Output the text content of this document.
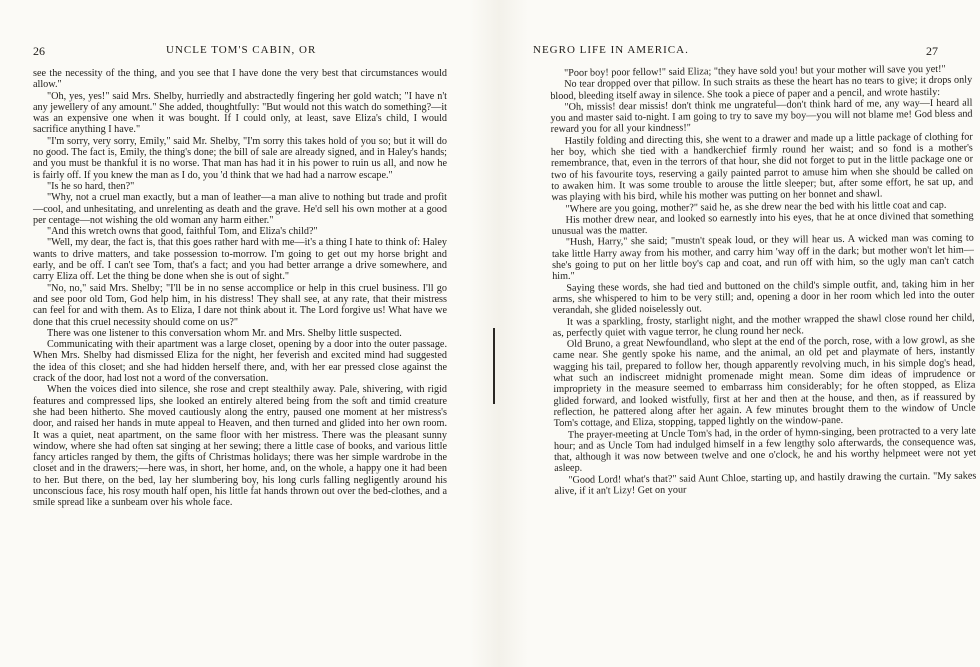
26	UNCLE TOM'S CABIN, OR

see the necessity of the thing, and you see that I have done the very best that circumstances would allow."

"Oh, yes, yes!" said Mrs. Shelby, hurriedly and abstractedly fingering her gold watch; "I have n't any jewellery of any amount." She added, thoughtfully: "But would not this watch do something?—it was an expensive one when it was bought. If I could only, at least, save Eliza's child, I would sacrifice anything I have."

"I'm sorry, very sorry, Emily," said Mr. Shelby, "I'm sorry this takes hold of you so; but it will do no good. The fact is, Emily, the thing's done; the bill of sale are already signed, and in Haley's hands; and you must be thankful it is no worse. That man has had it in his power to ruin us all, and now he is fairly off. If you knew the man as I do, you 'd think that we had had a narrow escape."

"Is he so hard, then?"

"Why, not a cruel man exactly, but a man of leather—a man alive to nothing but trade and profit—cool, and unhesitating, and unrelenting as death and the grave. He'd sell his own mother at a good per centage—not wishing the old woman any harm either."

"And this wretch owns that good, faithful Tom, and Eliza's child?"

"Well, my dear, the fact is, that this goes rather hard with me—it's a thing I hate to think of: Haley wants to drive matters, and take possession to-morrow. I'm going to get out my horse bright and early, and be off. I can't see Tom, that's a fact; and you had better arrange a drive somewhere, and carry Eliza off. Let the thing be done when she is out of sight."

"No, no," said Mrs. Shelby; "I'll be in no sense accomplice or help in this cruel business. I'll go and see poor old Tom, God help him, in his distress! They shall see, at any rate, that their mistress can feel for and with them. As to Eliza, I dare not think about it. The Lord forgive us! What have we done that this cruel necessity should come on us?"

There was one listener to this conversation whom Mr. and Mrs. Shelby little suspected.

Communicating with their apartment was a large closet, opening by a door into the outer passage. When Mrs. Shelby had dismissed Eliza for the night, her feverish and excited mind had suggested the idea of this closet; and she had hidden herself there, and, with her ear pressed close against the crack of the door, had lost not a word of the conversation.

When the voices died into silence, she rose and crept stealthily away. Pale, shivering, with rigid features and compressed lips, she looked an entirely altered being from the soft and timid creature she had been hitherto. She moved cautiously along the entry, paused one moment at her mistress's door, and raised her hands in mute appeal to Heaven, and then turned and glided into her own room. It was a quiet, neat apartment, on the same floor with her mistress. There was the pleasant sunny window, where she had often sat singing at her sewing; there a little case of books, and various little fancy articles ranged by them, the gifts of Christmas holidays; there was her simple wardrobe in the closet and in the drawers;—here was, in short, her home, and, on the whole, a happy one it had been to her. But there, on the bed, lay her slumbering boy, his long curls falling negligently around his unconscious face, his rosy mouth half open, his little fat hands thrown out over the bed-clothes, and a smile spread like a sunbeam over his whole face.

NEGRO LIFE IN AMERICA.	27

"Poor boy! poor fellow!" said Eliza; "they have sold you! but your mother will save you yet!"

No tear dropped over that pillow. In such straits as these the heart has no tears to give; it drops only blood, bleeding itself away in silence. She took a piece of paper and a pencil, and wrote hastily:

"Oh, missis! dear missis! don't think me ungrateful—don't think hard of me, any way—I heard all you and master said to-night. I am going to try to save my boy—you will not blame me! God bless and reward you for all your kindness!"

Hastily folding and directing this, she went to a drawer and made up a little package of clothing for her boy, which she tied with a handkerchief firmly round her waist; and so fond is a mother's remembrance, that, even in the terrors of that hour, she did not forget to put in the little package one or two of his favourite toys, reserving a gaily painted parrot to amuse him when she should be called on to awaken him. It was some trouble to arouse the little sleeper; but, after some effort, he sat up, and was playing with his bird, while his mother was putting on her bonnet and shawl.

"Where are you going, mother?" said he, as she drew near the bed with his little coat and cap.

His mother drew near, and looked so earnestly into his eyes, that he at once divined that something unusual was the matter.

"Hush, Harry," she said; "mustn't speak loud, or they will hear us. A wicked man was coming to take little Harry away from his mother, and carry him 'way off in the dark; but mother won't let him—she's going to put on her little boy's cap and coat, and run off with him, so the ugly man can't catch him."

Saying these words, she had tied and buttoned on the child's simple outfit, and, taking him in her arms, she whispered to him to be very still; and, opening a door in her room which led into the outer verandah, she glided noiselessly out.

It was a sparkling, frosty, starlight night, and the mother wrapped the shawl close round her child, as, perfectly quiet with vague terror, he clung round her neck.

Old Bruno, a great Newfoundland, who slept at the end of the porch, rose, with a low growl, as she came near. She gently spoke his name, and the animal, an old pet and playmate of hers, instantly wagging his tail, prepared to follow her, though apparently revolving much, in his simple dog's head, what such an indiscreet midnight promenade might mean. Some dim ideas of imprudence or impropriety in the measure seemed to embarrass him considerably; for he often stopped, as Eliza glided forward, and looked wistfully, first at her and then at the house, and then, as if reassured by reflection, he pattered along after her again. A few minutes brought them to the window of Uncle Tom's cottage, and Eliza, stopping, tapped lightly on the window-pane.

The prayer-meeting at Uncle Tom's had, in the order of hymn-singing, been protracted to a very late hour; and as Uncle Tom had indulged himself in a few lengthy solo afterwards, the consequence was, that, although it was now between twelve and one o'clock, he and his worthy helpmeet were not yet asleep.

"Good Lord! what's that?" said Aunt Chloe, starting up, and hastily drawing the curtain. "My sakes alive, if it an't Lizy! Get on your
